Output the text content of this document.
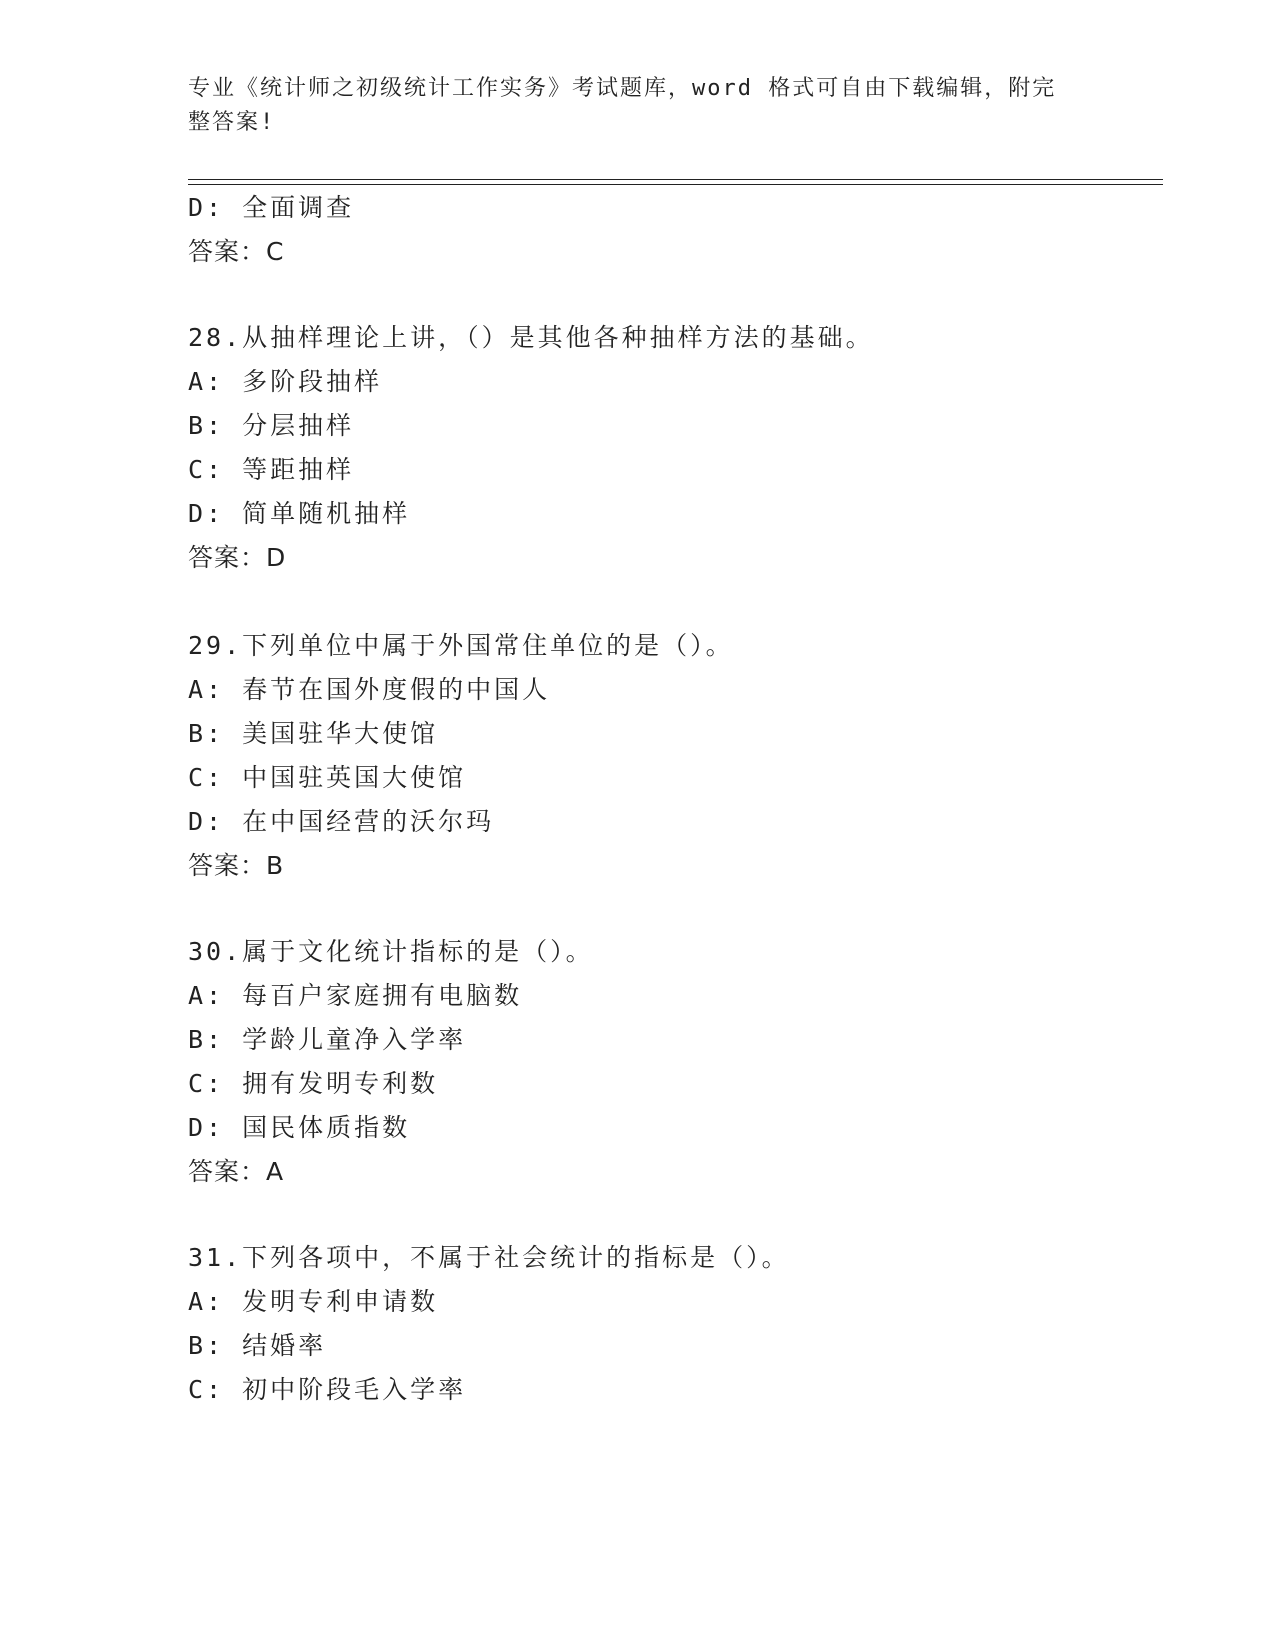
专业《统计师之初级统计工作实务》考试题库，word 格式可自由下载编辑，附完
整答案!
D: 全面调查
答案：C
28.从抽样理论上讲，（）是其他各种抽样方法的基础。
A: 多阶段抽样
B: 分层抽样
C: 等距抽样
D: 简单随机抽样
答案：D
29.下列单位中属于外国常住单位的是（）。
A: 春节在国外度假的中国人
B: 美国驻华大使馆
C: 中国驻英国大使馆
D: 在中国经营的沃尔玛
答案：B
30.属于文化统计指标的是（）。
A: 每百户家庭拥有电脑数
B: 学龄儿童净入学率
C: 拥有发明专利数
D: 国民体质指数
答案：A
31.下列各项中，不属于社会统计的指标是（）。
A: 发明专利申请数
B: 结婚率
C: 初中阶段毛入学率
